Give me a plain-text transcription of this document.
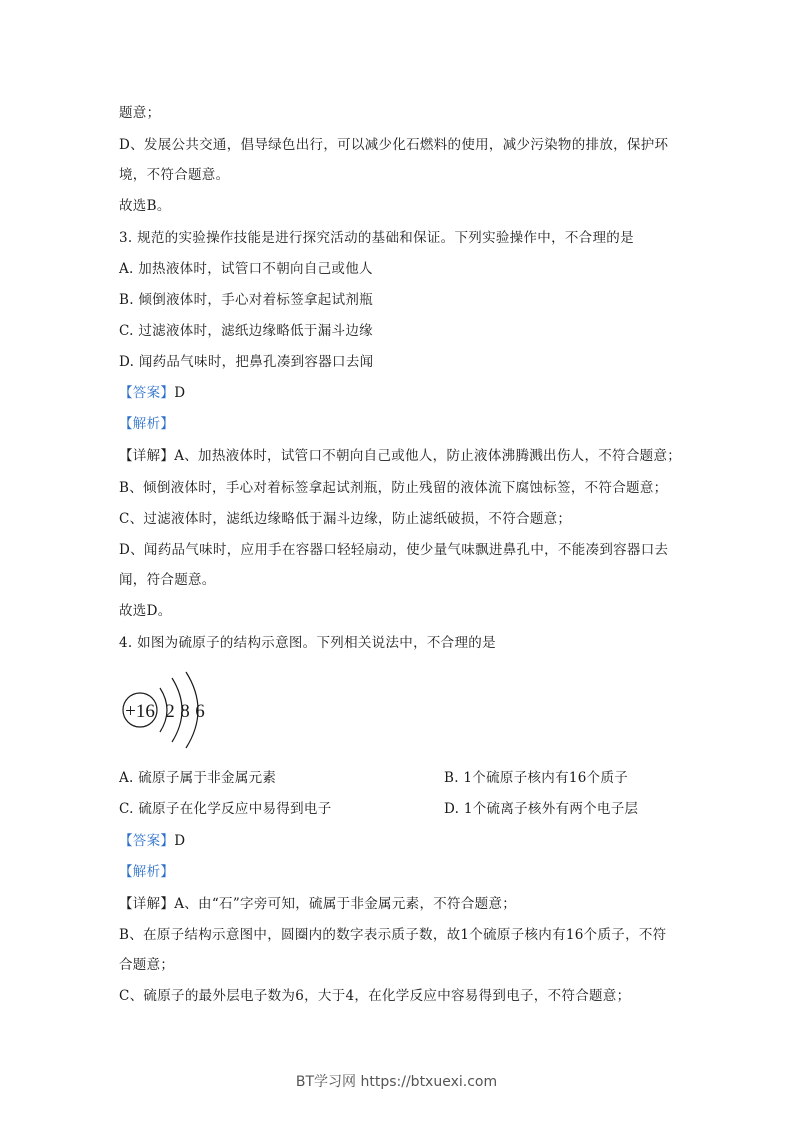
题意；
D、发展公共交通，倡导绿色出行，可以减少化石燃料的使用，减少污染物的排放，保护环
境，不符合题意。
故选B。
3. 规范的实验操作技能是进行探究活动的基础和保证。下列实验操作中，不合理的是
A. 加热液体时，试管口不朝向自己或他人
B. 倾倒液体时，手心对着标签拿起试剂瓶
C. 过滤液体时，滤纸边缘略低于漏斗边缘
D. 闻药品气味时，把鼻孔凑到容器口去闻
【答案】D
【解析】
【详解】A、加热液体时，试管口不朝向自己或他人，防止液体沸腾溅出伤人，不符合题意；
B、倾倒液体时，手心对着标签拿起试剂瓶，防止残留的液体流下腐蚀标签，不符合题意；
C、过滤液体时，滤纸边缘略低于漏斗边缘，防止滤纸破损，不符合题意；
D、闻药品气味时，应用手在容器口轻轻扇动，使少量气味飘进鼻孔中，不能凑到容器口去
闻，符合题意。
故选D。
4. 如图为硫原子的结构示意图。下列相关说法中，不合理的是
+16 2 8 6
A. 硫原子属于非金属元素	B. 1个硫原子核内有16个质子
C. 硫原子在化学反应中易得到电子	D. 1个硫离子核外有两个电子层
【答案】D
【解析】
【详解】A、由“石”字旁可知，硫属于非金属元素，不符合题意；
B、在原子结构示意图中，圆圈内的数字表示质子数，故1个硫原子核内有16个质子，不符
合题意；
C、硫原子的最外层电子数为6，大于4，在化学反应中容易得到电子，不符合题意；
BT学习网 https://btxuexi.com
